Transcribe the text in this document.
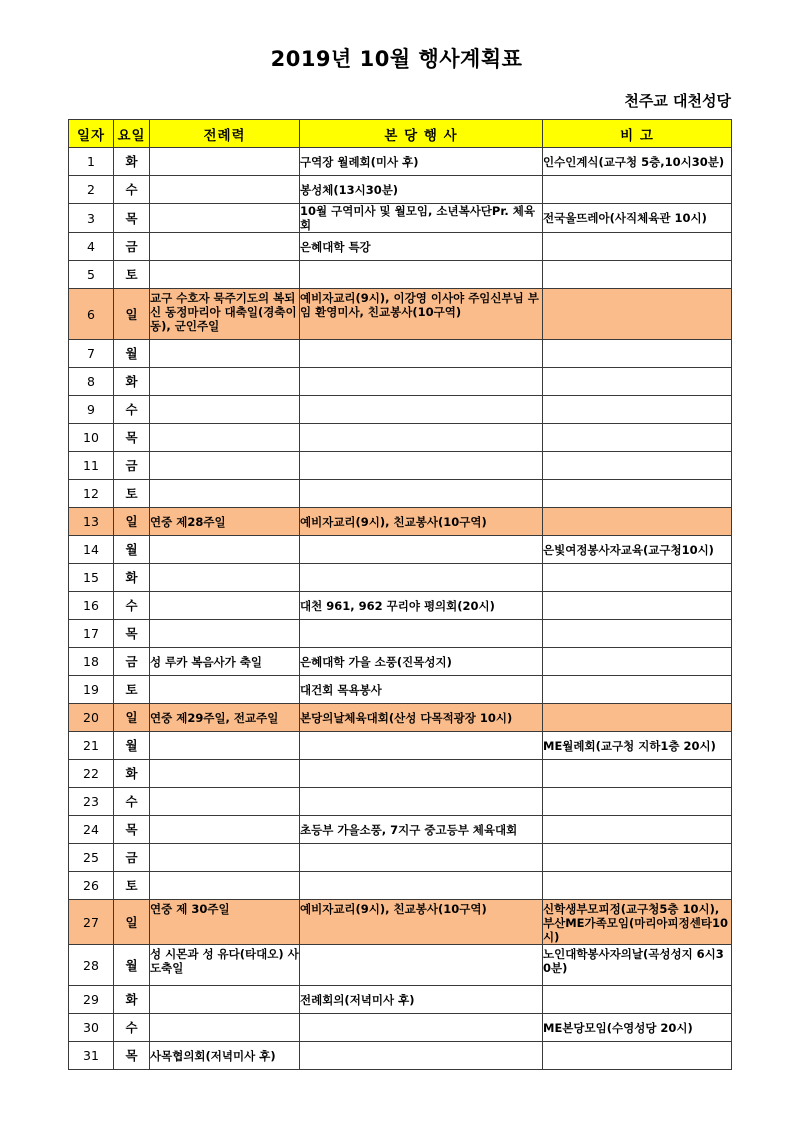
2019년 10월 행사계획표
천주교 대천성당
일자	요일	전례력	본 당 행 사	비 고
1	화		구역장 월례회(미사 후)	인수인계식(교구청 5층,10시30분)
2	수		봉성체(13시30분)	
3	목		10월 구역미사 및 월모임, 소년복사단Pr. 체육회	전국울뜨레아(사직체육관 10시)
4	금		은혜대학 특강	
5	토			
6	일	교구 수호자 묵주기도의 복되신 동정마리아 대축일(경축이동), 군인주일	예비자교리(9시), 이강영 이사야 주임신부님 부임 환영미사, 친교봉사(10구역)	
7	월			
8	화			
9	수			
10	목			
11	금			
12	토			
13	일	연중 제28주일	예비자교리(9시), 친교봉사(10구역)	
14	월			은빛여정봉사자교육(교구청10시)
15	화			
16	수		대천 961, 962 꾸리야 평의회(20시)	
17	목			
18	금	성 루카 복음사가 축일	은혜대학 가을 소풍(진목성지)	
19	토		대건회 목욕봉사	
20	일	연중 제29주일, 전교주일	본당의날체육대회(산성 다목적광장 10시)	
21	월			ME월례회(교구청 지하1층 20시)
22	화			
23	수			
24	목		초등부 가을소풍, 7지구 중고등부 체육대회	
25	금			
26	토			
27	일	연중 제 30주일	예비자교리(9시), 친교봉사(10구역)	신학생부모피정(교구청5층 10시), 부산ME가족모임(마리아피정센타10시)
28	월	성 시몬과 성 유다(타대오) 사도축일		노인대학봉사자의날(곡성성지 6시30분)
29	화		전례회의(저녁미사 후)	
30	수			ME본당모임(수영성당 20시)
31	목	사목협의회(저녁미사 후)		
